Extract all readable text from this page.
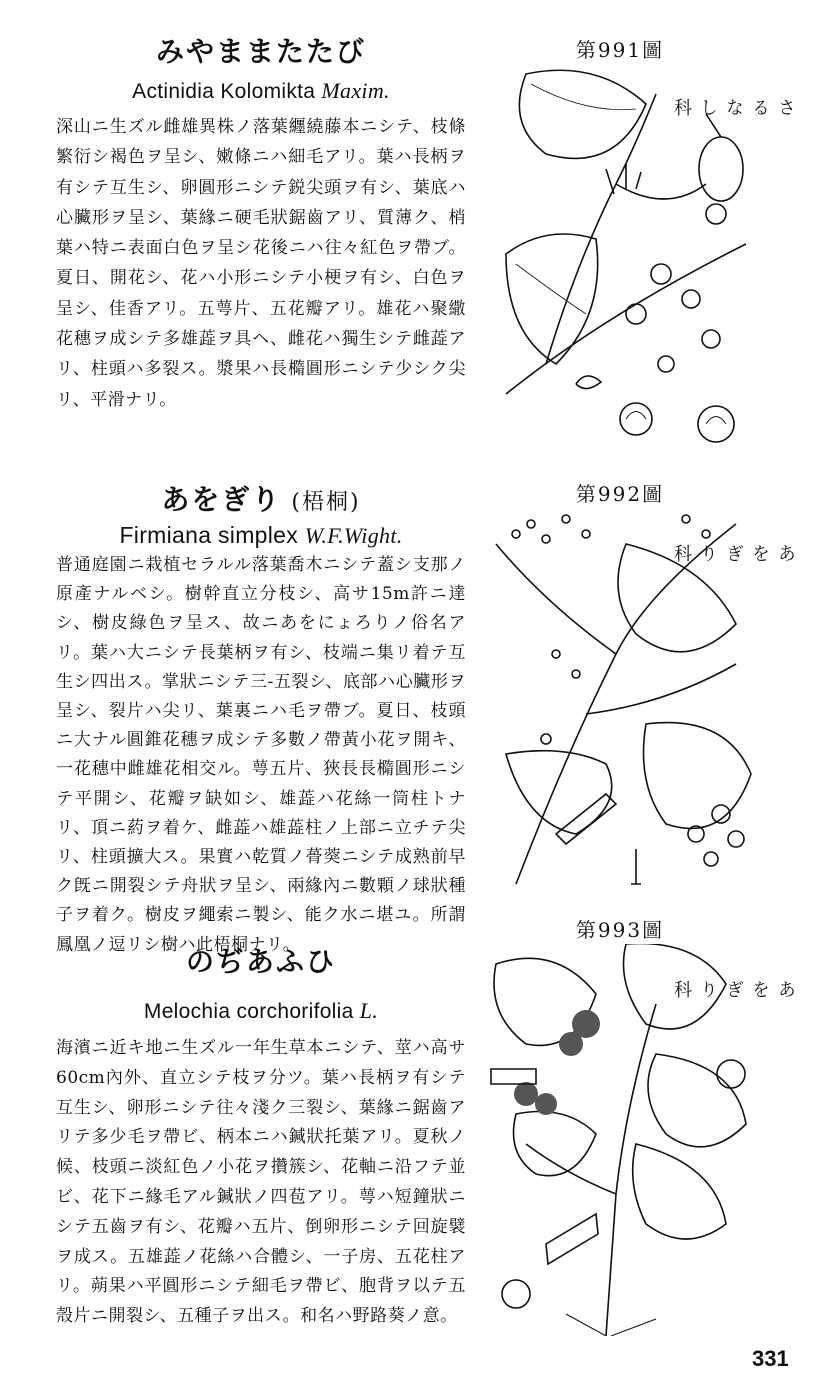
みやままたたび
Actinidia Kolomikta Maxim.

深山ニ生ズル雌雄異株ノ落葉纒繞藤本ニシテ、枝條繁衍シ褐色ヲ呈シ、嫩條ニハ細毛アリ。葉ハ長柄ヲ有シテ互生シ、卵圓形ニシテ鋭尖頭ヲ有シ、葉底ハ心臟形ヲ呈シ、葉緣ニ硬毛狀鋸齒アリ、質薄ク、梢葉ハ特ニ表面白色ヲ呈シ花後ニハ往々紅色ヲ帶ブ。夏日、開花シ、花ハ小形ニシテ小梗ヲ有シ、白色ヲ呈シ、佳香アリ。五萼片、五花瓣アリ。雄花ハ聚繖花穗ヲ成シテ多雄蕋ヲ具ヘ、雌花ハ獨生シテ雌蕋アリ、柱頭ハ多裂ス。漿果ハ長橢圓形ニシテ少シク尖リ、平滑ナリ。

第991圖
さるなし科
あをぎり (梧桐)
Firmiana simplex W.F.Wight.

普通庭園ニ栽植セラルル落葉喬木ニシテ蓋シ支那ノ原產ナルベシ。樹幹直立分枝シ、高サ15m許ニ達シ、樹皮綠色ヲ呈ス、故ニあをにょろりノ俗名アリ。葉ハ大ニシテ長葉柄ヲ有シ、枝端ニ集リ着テ互生シ四出ス。掌狀ニシテ三-五裂シ、底部ハ心臟形ヲ呈シ、裂片ハ尖リ、葉裏ニハ毛ヲ帶ブ。夏日、枝頭ニ大ナル圓錐花穗ヲ成シテ多數ノ帶黃小花ヲ開キ、一花穗中雌雄花相交ル。萼五片、狹長長橢圓形ニシテ平開シ、花瓣ヲ缺如シ、雄蕋ハ花絲一筒柱トナリ、頂ニ葯ヲ着ケ、雌蕋ハ雄蕋柱ノ上部ニ立チテ尖リ、柱頭擴大ス。果實ハ乾質ノ蓇葖ニシテ成熟前早ク旣ニ開裂シテ舟狀ヲ呈シ、兩緣內ニ數顆ノ球狀種子ヲ着ク。樹皮ヲ繩索ニ製シ、能ク水ニ堪ユ。所謂鳳凰ノ逗リシ樹ハ此梧桐ナリ。

第992圖
あをぎり科
のぢあふひ
Melochia corchorifolia L.

海濱ニ近キ地ニ生ズル一年生草本ニシテ、莖ハ高サ60cm內外、直立シテ枝ヲ分ツ。葉ハ長柄ヲ有シテ互生シ、卵形ニシテ往々淺ク三裂シ、葉緣ニ鋸齒アリテ多少毛ヲ帶ビ、柄本ニハ鍼狀托葉アリ。夏秋ノ候、枝頭ニ淡紅色ノ小花ヲ攢簇シ、花軸ニ沿フテ並ビ、花下ニ緣毛アル鍼狀ノ四苞アリ。萼ハ短鐘狀ニシテ五齒ヲ有シ、花瓣ハ五片、倒卵形ニシテ回旋襞ヲ成ス。五雄蕋ノ花絲ハ合體シ、一子房、五花柱アリ。蒴果ハ平圓形ニシテ細毛ヲ帶ビ、胞背ヲ以テ五殼片ニ開裂シ、五種子ヲ出ス。和名ハ野路葵ノ意。

第993圖
あをぎり科
331
